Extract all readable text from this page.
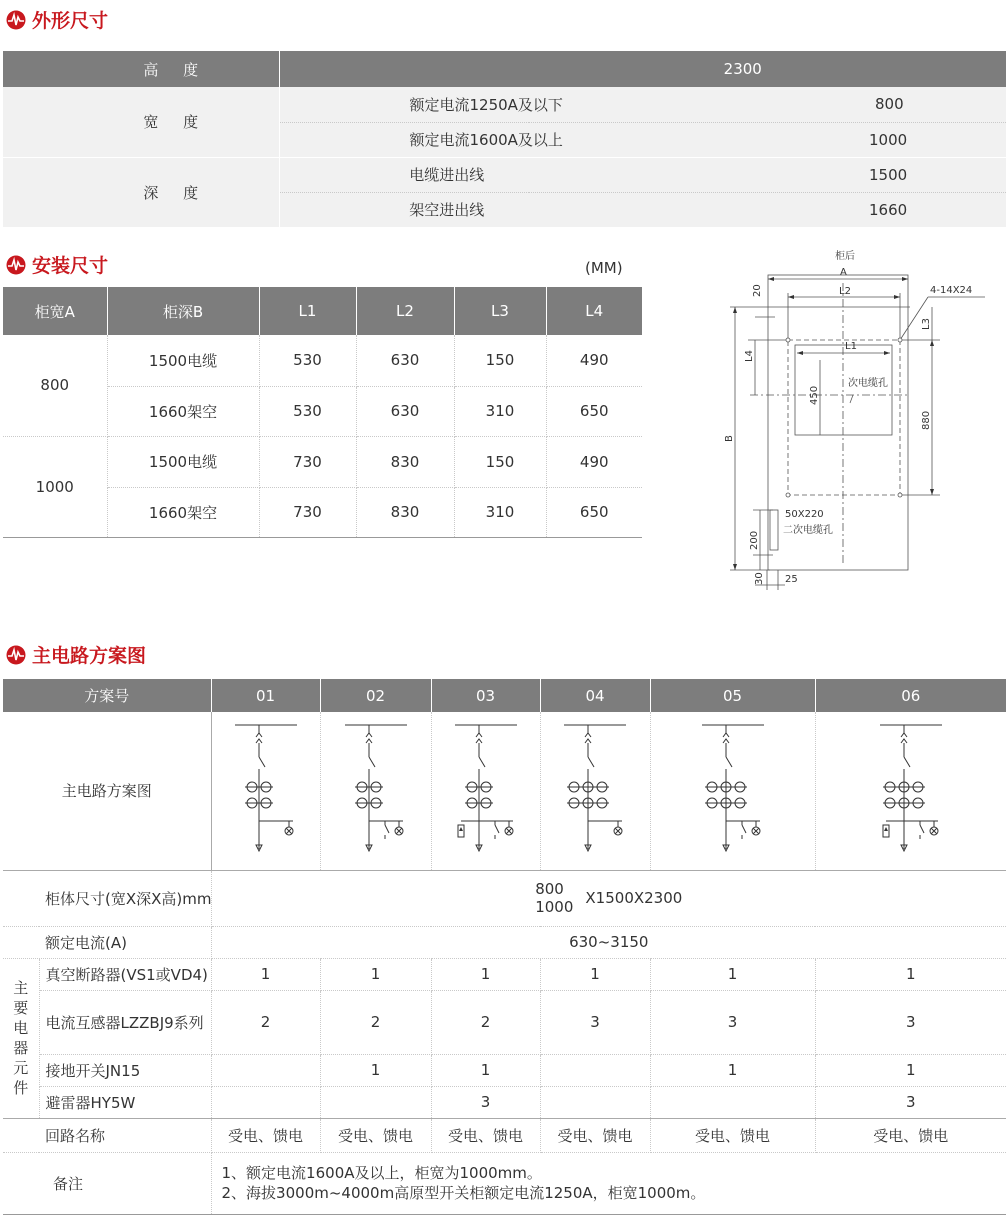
外形尺寸
高 度	2300	
宽 度	额定电流1250A及以下	800
	额定电流1600A及以上	1000
深 度	电缆进出线	1500
	架空进出线	1660
安装尺寸	(MM)
柜宽A	柜深B	L1	L2	L3	L4
800	1500电缆	530	630	150	490
	1660架空	530	630	310	650
1000	1500电缆	730	830	150	490
	1660架空	730	830	310	650
柜后
A
L2
L1
4-14X24
次电缆孔
50X220
二次电缆孔
25
20
L4
450
B
L3
880
200
30
主电路方案图
方案号		01	02	03	04	05	06
主电路方案图						
柜体尺寸(宽X深X高)mm		800
1000 X1500X2300					

额定电流(A)		630~3150					

主要电器元件	真空断路器(VS1或VD4)	1	1	1	1	1	1
	电流互感器LZZBJ9系列	2	2	2	3	3	3
	接地开关JN15		1	1		1	1
	避雷器HY5W			3			3
回路名称		受电、馈电	受电、馈电	受电、馈电	受电、馈电	受电、馈电	受电、馈电
备注		1、额定电流1600A及以上，柜宽为1000mm。
2、海拔3000m~4000m高原型开关柜额定电流1250A，柜宽1000m。					
